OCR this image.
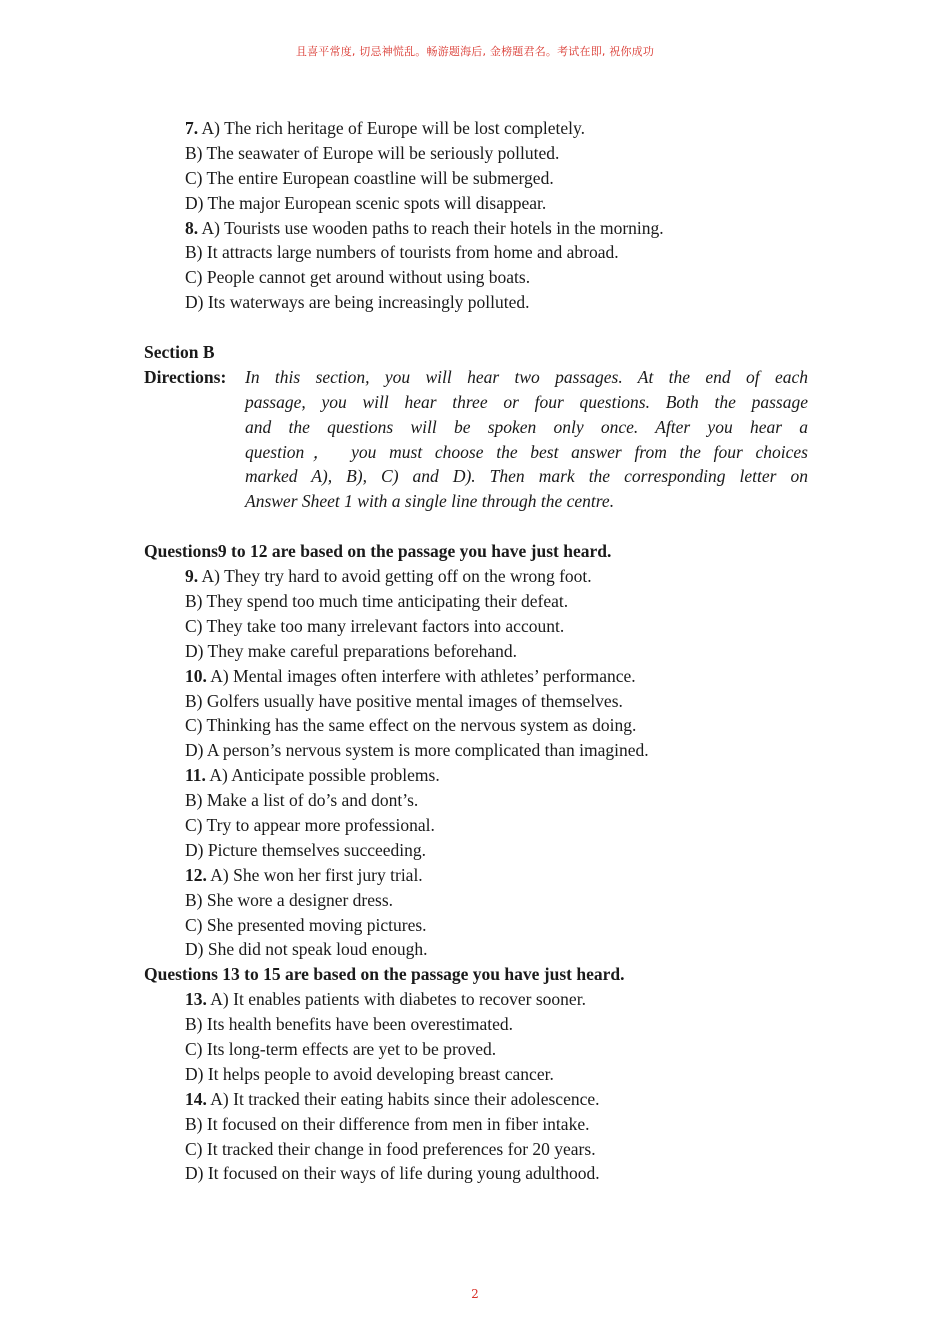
且喜平常度, 切忌神慌乱。畅游题海后, 金榜题君名。考试在即, 祝你成功
7. A) The rich heritage of Europe will be lost completely.
B) The seawater of Europe will be seriously polluted.
C) The entire European coastline will be submerged.
D) The major European scenic spots will disappear.
8. A) Tourists use wooden paths to reach their hotels in the morning.
B) It attracts large numbers of tourists from home and abroad.
C) People cannot get around without using boats.
D) Its waterways are being increasingly polluted.
Section B
Directions:	In this section, you will hear two passages. At the end of each
passage, you will hear three or four questions. Both the passage
and the questions will be spoken only once. After you hear a
question， you must choose the best answer from the four choices
marked A), B), C) and D). Then mark the corresponding letter on
Answer Sheet 1 with a single line through the centre.
Questions9 to 12 are based on the passage you have just heard.
9. A) They try hard to avoid getting off on the wrong foot.
B) They spend too much time anticipating their defeat.
C) They take too many irrelevant factors into account.
D) They make careful preparations beforehand.
10. A) Mental images often interfere with athletes’ performance.
B) Golfers usually have positive mental images of themselves.
C) Thinking has the same effect on the nervous system as doing.
D) A person’s nervous system is more complicated than imagined.
11. A) Anticipate possible problems.
B) Make a list of do’s and dont’s.
C) Try to appear more professional.
D) Picture themselves succeeding.
12. A) She won her first jury trial.
B) She wore a designer dress.
C) She presented moving pictures.
D) She did not speak loud enough.
Questions 13 to 15 are based on the passage you have just heard.
13. A) It enables patients with diabetes to recover sooner.
B) Its health benefits have been overestimated.
C) Its long-term effects are yet to be proved.
D) It helps people to avoid developing breast cancer.
14. A) It tracked their eating habits since their adolescence.
B) It focused on their difference from men in fiber intake.
C) It tracked their change in food preferences for 20 years.
D) It focused on their ways of life during young adulthood.
2
